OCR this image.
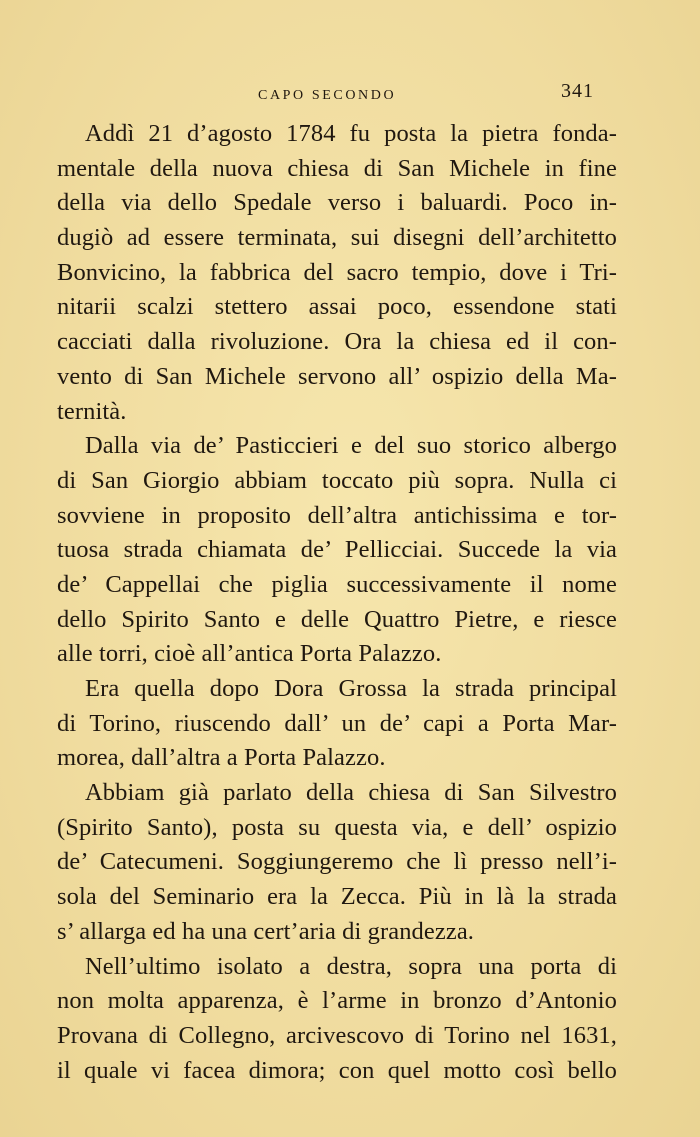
CAPO SECONDO	341
Addì 21 d’agosto 1784 fu posta la pietra fonda-
mentale della nuova chiesa di San Michele in fine
della via dello Spedale verso i baluardi. Poco in-
dugiò ad essere terminata, sui disegni dell’architetto
Bonvicino, la fabbrica del sacro tempio, dove i Tri-
nitarii scalzi stettero assai poco, essendone stati
cacciati dalla rivoluzione. Ora la chiesa ed il con-
vento di San Michele servono all’ ospizio della Ma-
ternità.
Dalla via de’ Pasticcieri e del suo storico albergo
di San Giorgio abbiam toccato più sopra. Nulla ci
sovviene in proposito dell’altra antichissima e tor-
tuosa strada chiamata de’ Pellicciai. Succede la via
de’ Cappellai che piglia successivamente il nome
dello Spirito Santo e delle Quattro Pietre, e riesce
alle torri, cioè all’antica Porta Palazzo.
Era quella dopo Dora Grossa la strada principal
di Torino, riuscendo dall’ un de’ capi a Porta Mar-
morea, dall’altra a Porta Palazzo.
Abbiam già parlato della chiesa di San Silvestro
(Spirito Santo), posta su questa via, e dell’ ospizio
de’ Catecumeni. Soggiungeremo che lì presso nell’i-
sola del Seminario era la Zecca. Più in là la strada
s’ allarga ed ha una cert’aria di grandezza.
Nell’ultimo isolato a destra, sopra una porta di
non molta apparenza, è l’arme in bronzo d’Antonio
Provana di Collegno, arcivescovo di Torino nel 1631,
il quale vi facea dimora; con quel motto così bello
